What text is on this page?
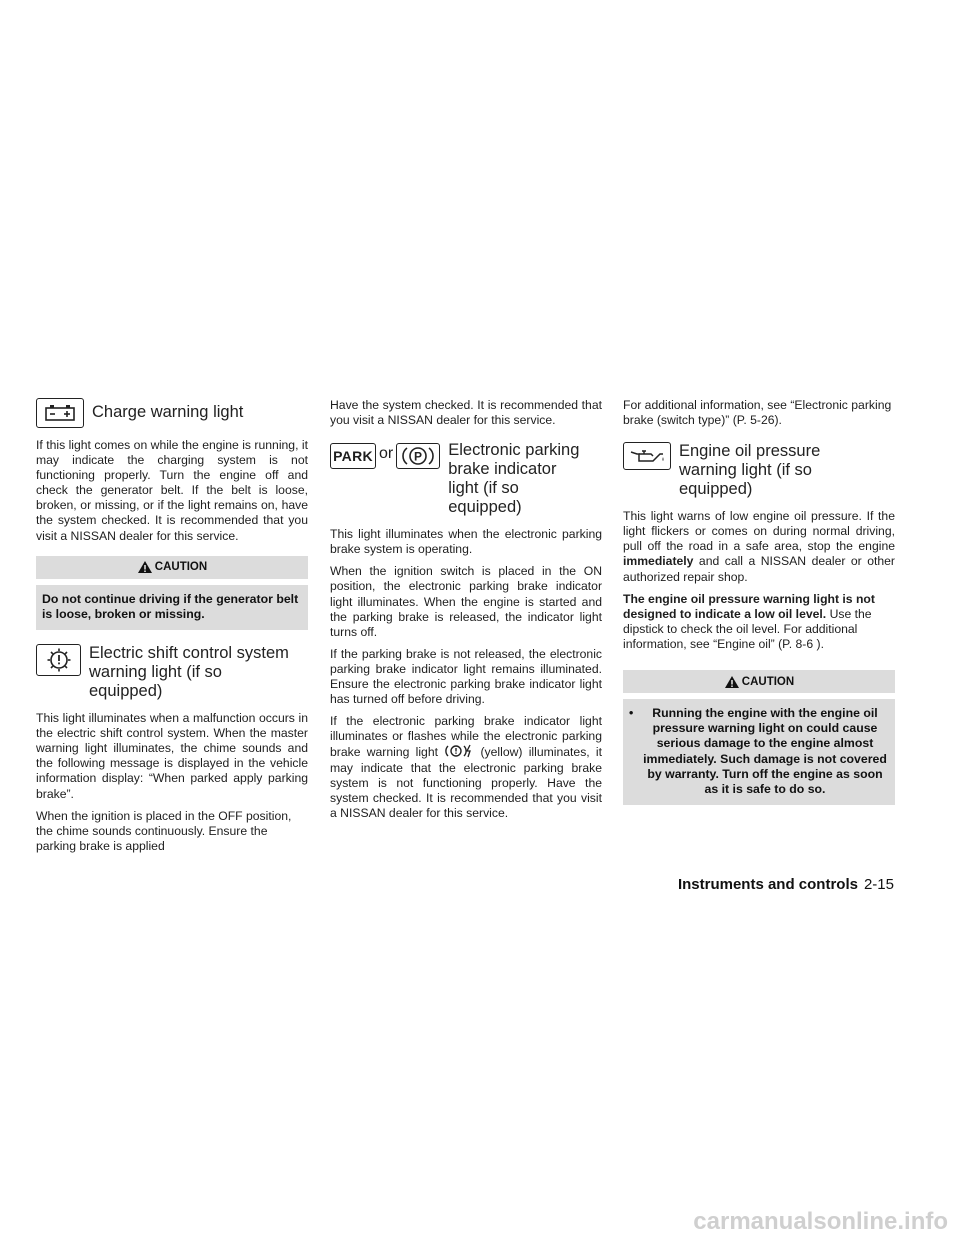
Charge warning light

If this light comes on while the engine is running, it may indicate the charging system is not functioning properly. Turn the engine off and check the generator belt. If the belt is loose, broken, or missing, or if the light remains on, have the system checked. It is recommended that you visit a NISSAN dealer for this service.

CAUTION
Do not continue driving if the generator belt is loose, broken or missing.
Electric shift control system
warning light (if so
equipped)

This light illuminates when a malfunction occurs in the electric shift control system. When the master warning light illuminates, the chime sounds and the following message is displayed in the vehicle information display: “When parked apply parking brake”.

When the ignition is placed in the OFF position, the chime sounds continuously. Ensure the parking brake is applied

Have the system checked. It is recommended that you visit a NISSAN dealer for this service.

PARK or P Electronic parking
brake indicator
light (if so
equipped)

This light illuminates when the electronic parking brake system is operating.

When the ignition switch is placed in the ON position, the electronic parking brake indicator light illuminates. When the engine is started and the parking brake is released, the indicator light turns off.

If the parking brake is not released, the electronic parking brake indicator light remains illuminated. Ensure the electronic parking brake indicator light has turned off before driving.

If the electronic parking brake indicator light illuminates or flashes while the electronic parking brake warning light	(yellow) illuminates, it may indicate that the electronic parking brake system is not functioning properly. Have the system checked. It is recommended that you visit a NISSAN dealer for this service.

For additional information, see “Electronic parking brake (switch type)” (P. 5-26).

Engine oil pressure
warning light (if so
equipped)

This light warns of low engine oil pressure. If the light flickers or comes on during normal driving, pull off the road in a safe area, stop the engine immediately and call a NISSAN dealer or other authorized repair shop.

The engine oil pressure warning light is not designed to indicate a low oil level. Use the dipstick to check the oil level. For additional information, see “Engine oil” (P. 8-6 ).

CAUTION
•	Running the engine with the engine oil pressure warning light on could cause serious damage to the engine almost immediately. Such damage is not covered by warranty. Turn off the engine as soon as it is safe to do so.
Instruments and controls 2-15
carmanualsonline.info
